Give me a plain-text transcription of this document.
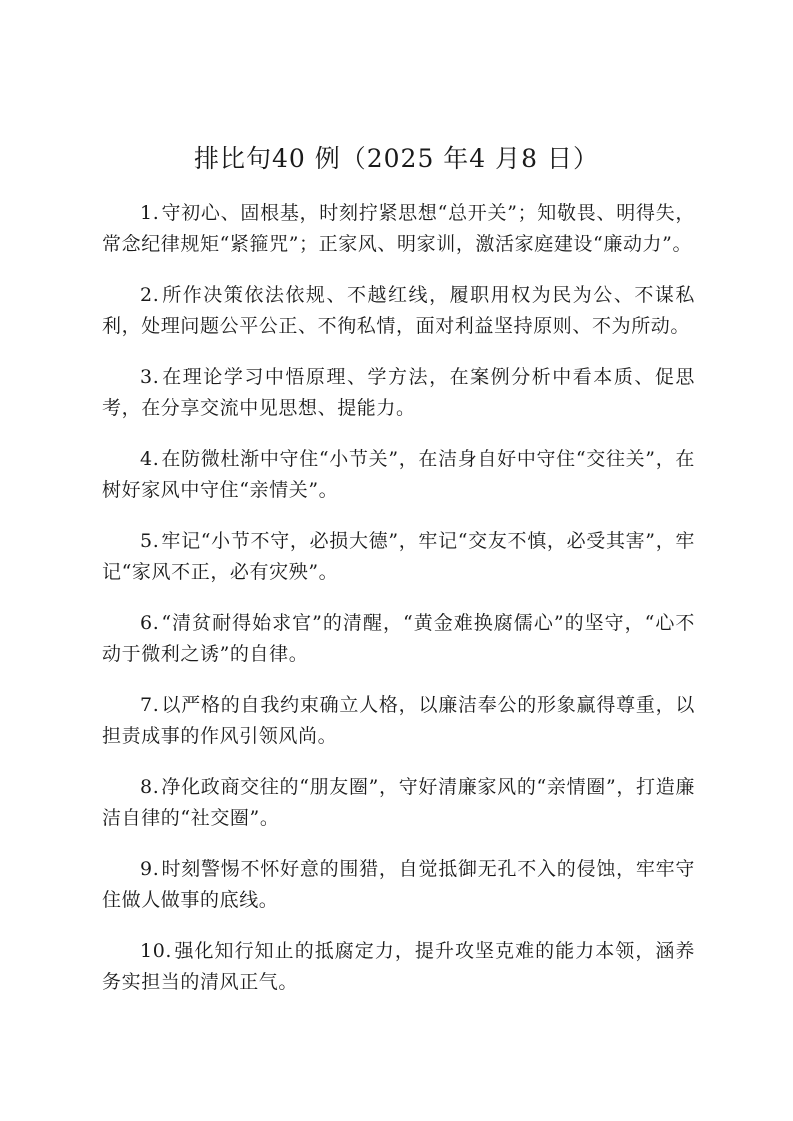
排比句40 例（2025 年4 月8 日）

1. 守初心、固根基，时刻拧紧思想“总开关”；知敬畏、明得失，常念纪律规矩“紧箍咒”；正家风、明家训，激活家庭建设“廉动力”。

2. 所作决策依法依规、不越红线，履职用权为民为公、不谋私利，处理问题公平公正、不徇私情，面对利益坚持原则、不为所动。

3. 在理论学习中悟原理、学方法，在案例分析中看本质、促思考，在分享交流中见思想、提能力。

4. 在防微杜渐中守住“小节关”，在洁身自好中守住“交往关”，在树好家风中守住“亲情关”。

5. 牢记“小节不守，必损大德”，牢记“交友不慎，必受其害”，牢记“家风不正，必有灾殃”。

6. “清贫耐得始求官”的清醒，“黄金难换腐儒心”的坚守，“心不动于微利之诱”的自律。

7. 以严格的自我约束确立人格，以廉洁奉公的形象赢得尊重，以担责成事的作风引领风尚。

8. 净化政商交往的“朋友圈”，守好清廉家风的“亲情圈”，打造廉洁自律的“社交圈”。

9. 时刻警惕不怀好意的围猎，自觉抵御无孔不入的侵蚀，牢牢守住做人做事的底线。

10. 强化知行知止的抵腐定力，提升攻坚克难的能力本领，涵养务实担当的清风正气。
